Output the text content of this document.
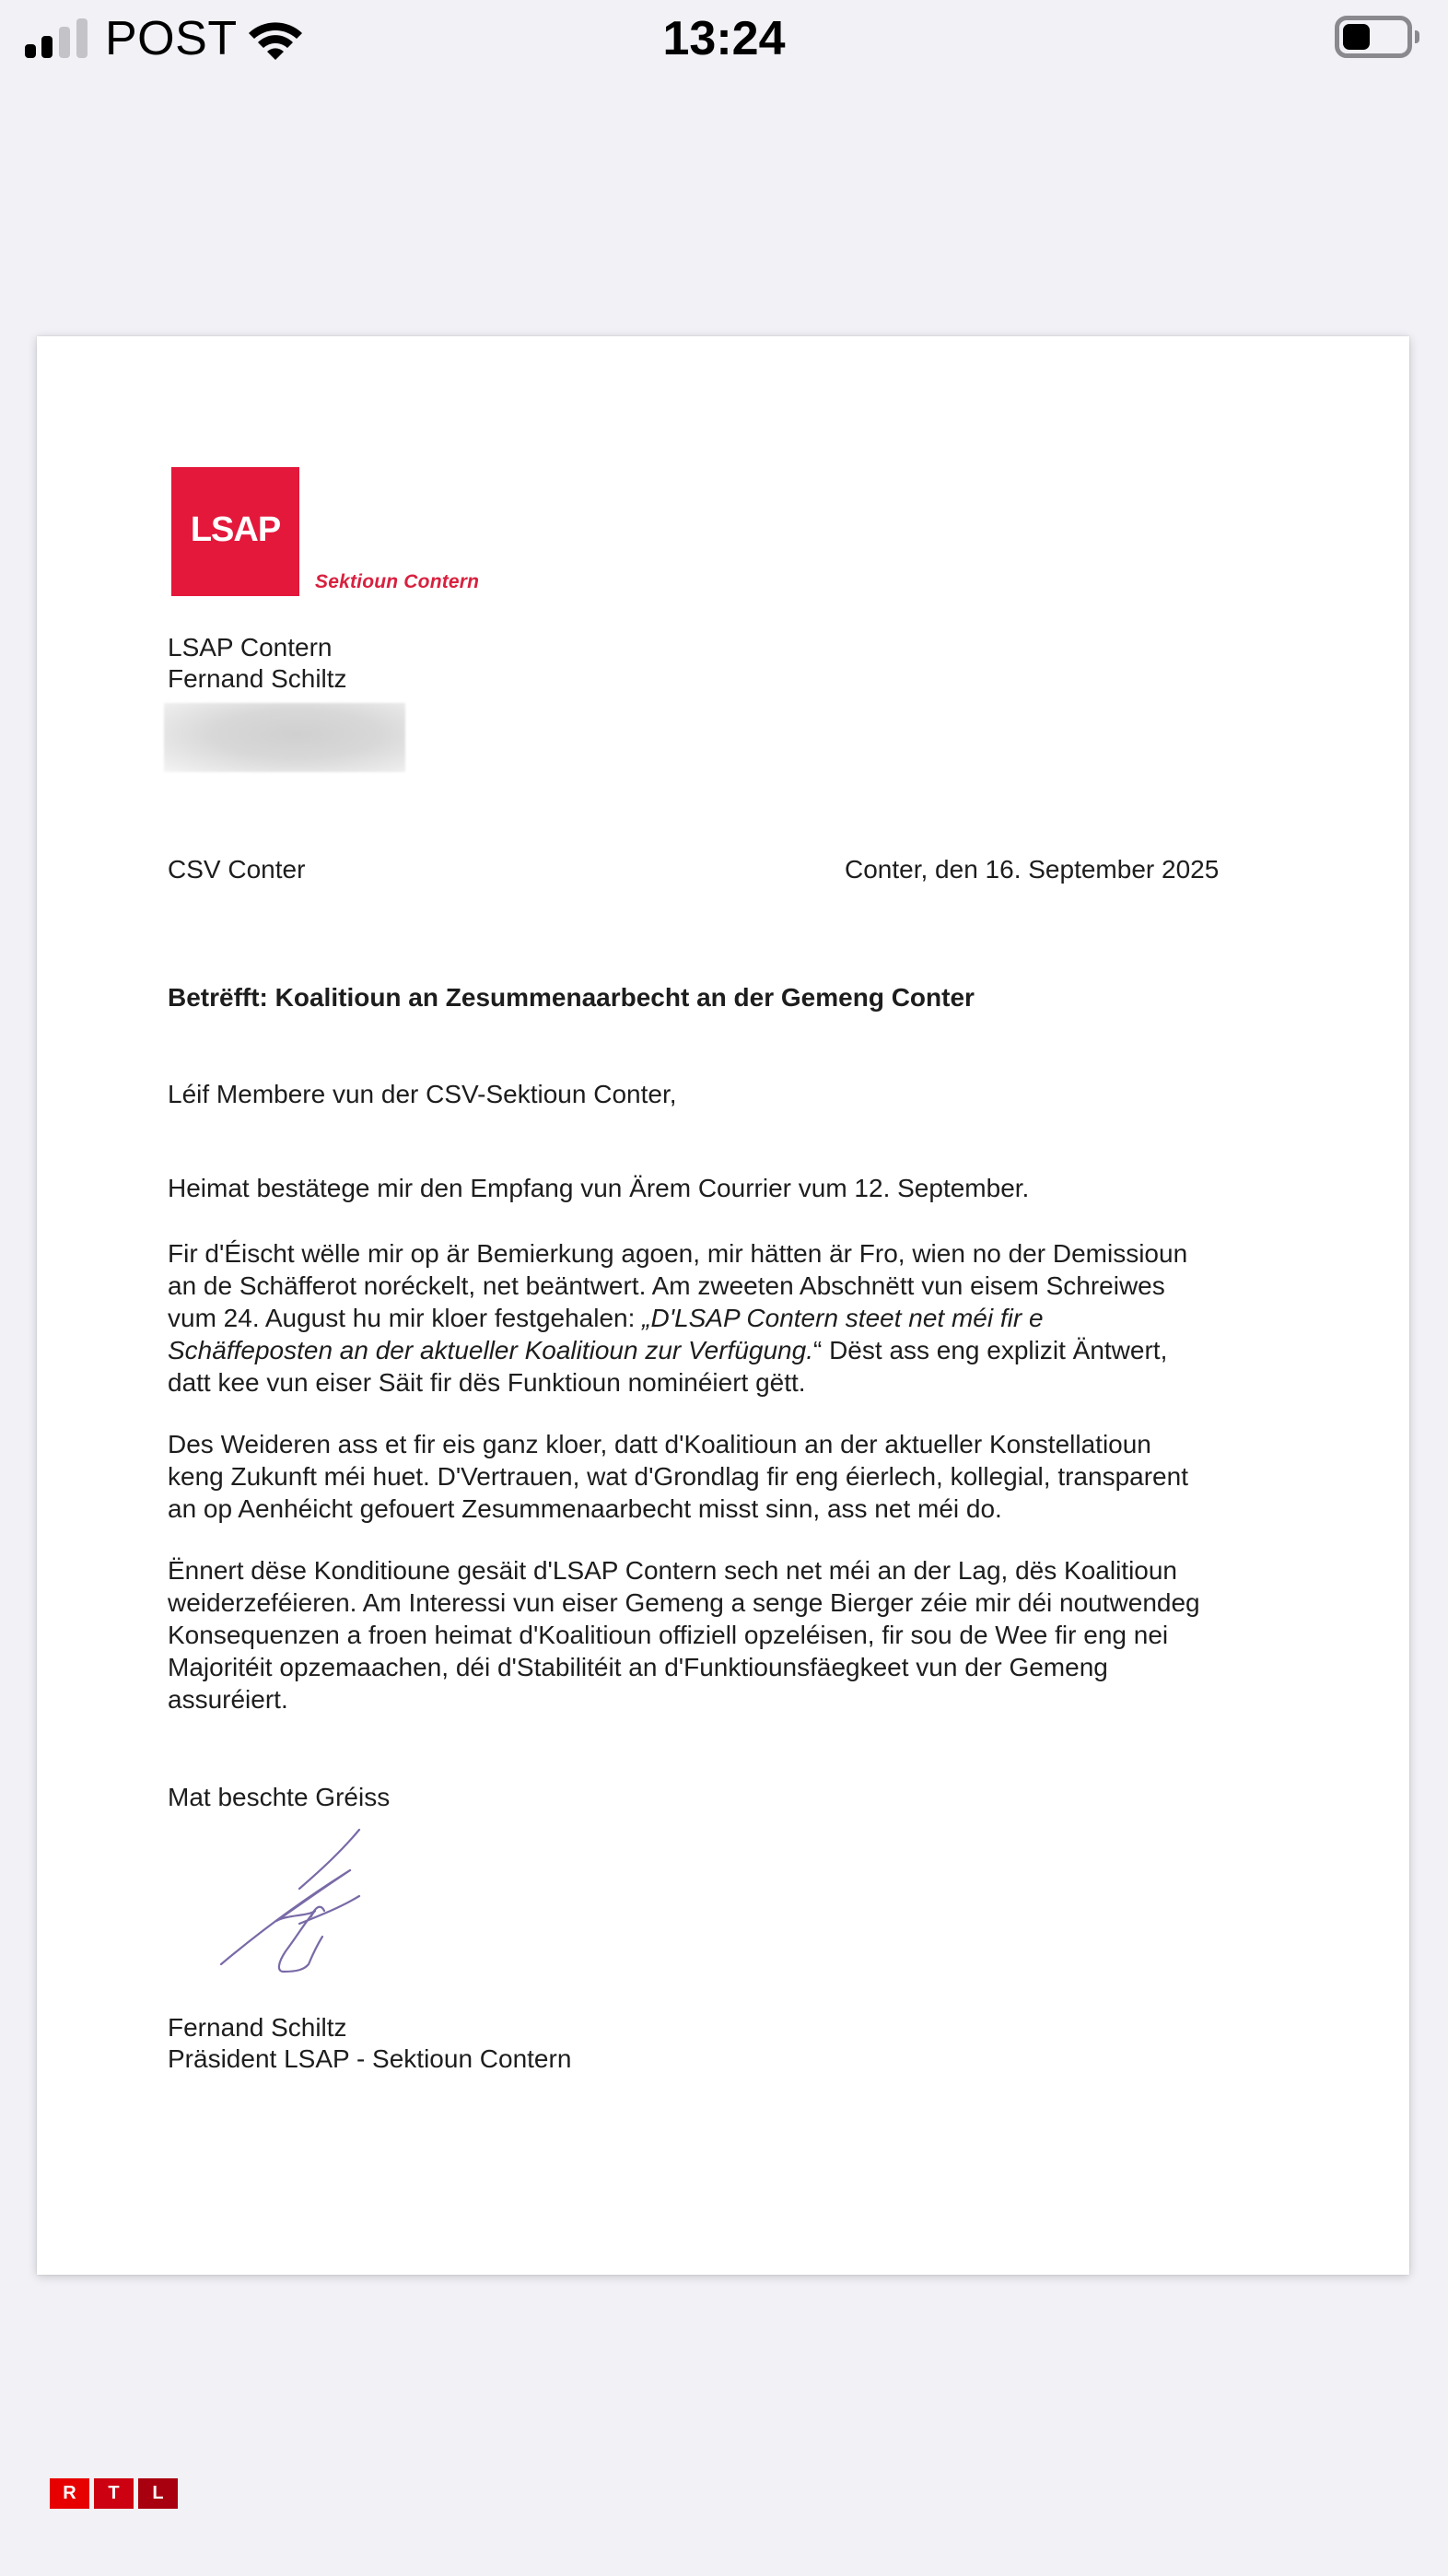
POST	13:24
LSAP
Sektioun Contern
LSAP Contern
Fernand Schiltz
CSV Conter	Conter, den 16. September 2025
Betrëfft: Koalitioun an Zesummenaarbecht an der Gemeng Conter
Léif Membere vun der CSV-Sektioun Conter,
Heimat bestätege mir den Empfang vun Ärem Courrier vum 12. September.
Fir d'Éischt wëlle mir op är Bemierkung agoen, mir hätten är Fro, wien no der Demissioun
an de Schäfferot noréckelt, net beäntwert. Am zweeten Abschnëtt vun eisem Schreiwes
vum 24. August hu mir kloer festgehalen: „D'LSAP Contern steet net méi fir e
Schäffeposten an der aktueller Koalitioun zur Verfügung.“ Dëst ass eng explizit Äntwert,
datt kee vun eiser Säit fir dës Funktioun nominéiert gëtt.
Des Weideren ass et fir eis ganz kloer, datt d'Koalitioun an der aktueller Konstellatioun
keng Zukunft méi huet. D'Vertrauen, wat d'Grondlag fir eng éierlech, kollegial, transparent
an op Aenhéicht gefouert Zesummenaarbecht misst sinn, ass net méi do.
Ënnert dëse Konditioune gesäit d'LSAP Contern sech net méi an der Lag, dës Koalitioun
weiderzeféieren. Am Interessi vun eiser Gemeng a senge Bierger zéie mir déi noutwendeg
Konsequenzen a froen heimat d'Koalitioun offiziell opzeléisen, fir sou de Wee fir eng nei
Majoritéit opzemaachen, déi d'Stabilitéit an d'Funktiounsfäegkeet vun der Gemeng
assuréiert.
Mat beschte Gréiss
Fernand Schiltz
Präsident LSAP - Sektioun Contern
R	T	L
